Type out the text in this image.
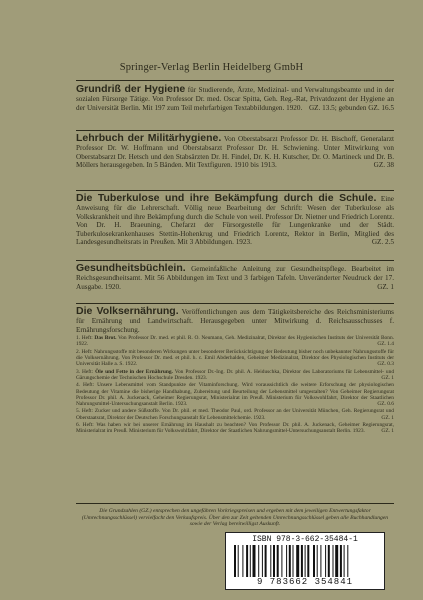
Springer-Verlag Berlin Heidelberg GmbH
Grundriß der Hygiene für Studierende, Ärzte, Medizinal- und Verwaltungsbeamte und in der sozialen Fürsorge Tätige. Von Professor Dr. med. Oscar Spitta, Geh. Reg.-Rat, Privatdozent der Hygiene an der Universität Berlin. Mit 197 zum Teil mehrfarbigen Textabbildungen. 1920. GZ. 13.5; gebunden GZ. 16.5
Lehrbuch der Militärhygiene. Von Oberstabsarzt Professor Dr. H. Bischoff, Generalarzt Professor Dr. W. Hoffmann und Oberstabsarzt Professor Dr. H. Schwiening. Unter Mitwirkung von Oberstabsarzt Dr. Hetsch und den Stabsärzten Dr. H. Findel, Dr. K. H. Kutscher, Dr. O. Martineck und Dr. B. Möllers herausgegeben. In 5 Bänden. Mit Textfiguren. 1910 bis 1913.	GZ. 38
Die Tuberkulose und ihre Bekämpfung durch die Schule. Eine Anweisung für die Lehrerschaft. Völlig neue Bearbeitung der Schrift: Wesen der Tuberkulose als Volkskrankheit und ihre Bekämpfung durch die Schule von weil. Professor Dr. Nietner und Friedrich Lorentz. Von Dr. H. Braeuning, Chefarzt der Fürsorgestelle für Lungenkranke und der Städt. Tuberkulosekrankenhauses Stettin-Hohenkrug und Friedrich Lorentz, Rektor in Berlin, Mitglied des Landesgesundheitsrats in Preußen. Mit 3 Abbildungen. 1923.	GZ. 2.5
Gesundheitsbüchlein. Gemeinfaßliche Anleitung zur Gesundheitspflege. Bearbeitet im Reichsgesundheitsamt. Mit 56 Abbildungen im Text und 3 farbigen Tafeln. Unveränderter Neudruck der 17. Ausgabe. 1920.	GZ. 1
Die Volksernährung. Veröffentlichungen aus dem Tätigkeitsbereiche des Reichsministeriums für Ernährung und Landwirtschaft. Herausgegeben unter Mitwirkung d. Reichsausschusses f. Ernährungsforschung.
1. Heft: Das Brot. Von Professor Dr. med. et phil. R. O. Neumann, Geh. Medizinalrat, Direktor des Hygienischen Instituts der Universität Bonn. 1922.	GZ. 1.4
2. Heft: Nahrungsstoffe mit besonderen Wirkungen unter besonderer Berücksichtigung der Bedeutung bisher noch unbekannter Nahrungsstoffe für die Volksernährung. Von Professor Dr. med. et phil. h. c. Emil Abderhalden, Geheimer Medizinalrat, Direktor des Physiologischen Instituts der Universität Halle a. S. 1922.	GZ. 0.3
3. Heft: Öle und Fette in der Ernährung. Von Professor Dr.-Ing. Dr. phil. A. Heiduschka, Direktor des Laboratoriums für Lebensmittel- und Gärungschemie der Technischen Hochschule Dresden. 1923.	GZ. 1
4. Heft: Unsere Lebensmittel vom Standpunkte der Vitaminforschung. Wird voraussichtlich die weitere Erforschung der physiologischen Bedeutung der Vitamine die bisherige Handhabung, Zubereitung und Beurteilung der Lebensmittel umgestalten? Von Geheimer Regierungsrat Professor Dr. phil. A. Juckenack, Geheimer Regierungsrat, Ministerialrat im Preuß. Ministerium für Volkswohlfahrt, Direktor der Staatlichen Nahrungsmittel-Untersuchungsanstalt Berlin. 1923.	GZ. 0.6
5. Heft: Zucker und andere Süßstoffe. Von Dr. phil. et med. Theodor Paul, ord. Professor an der Universität München, Geh. Regierungsrat und Oberstaatsrat, Direktor der Deutschen Forschungsanstalt für Lebensmittelchemie. 1923.	GZ. 1
6. Heft: Was haben wir bei unserer Ernährung im Haushalt zu beachten? Von Professor Dr. phil. A. Juckenack, Geheimer Regierungsrat, Ministerialrat im Preuß. Ministerium für Volkswohlfahrt, Direktor der Staatlichen Nahrungsmittel-Untersuchungsanstalt Berlin. 1923.	GZ. 1
Die Grundzahlen (GZ.) entsprechen den ungefähren Vorkriegspreisen und ergeben mit dem jeweiligen Entwertungsfaktor (Umrechnungsschlüssel) vervielfacht den Verkaufspreis. Über den zur Zeit geltenden Umrechnungsschlüssel geben alle Buchhandlungen sowie der Verlag bereitwilligst Auskunft.
ISBN 978-3-662-35484-1
9 783662 354841
